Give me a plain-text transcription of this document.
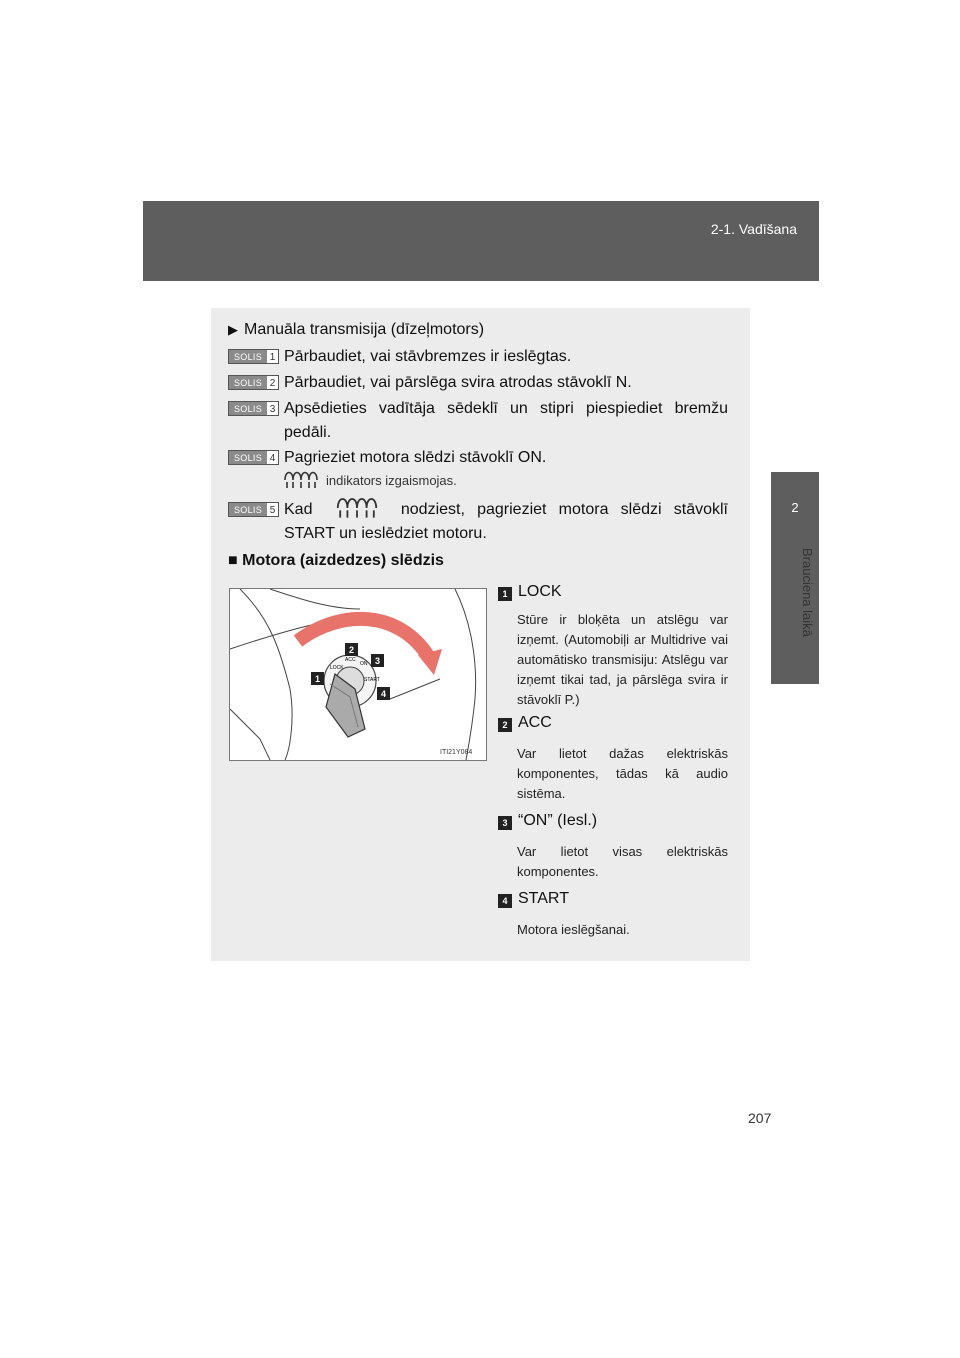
2-1. Vadīšana
2
Brauciena laikā
▶ Manuāla transmisija (dīzeļmotors)
SOLIS 1 Pārbaudiet, vai stāvbremzes ir ieslēgtas.
SOLIS 2 Pārbaudiet, vai pārslēga svira atrodas stāvoklī N.
SOLIS 3 Apsēdieties vadītāja sēdeklī un stipri piespiediet bremžu pedāli.
SOLIS 4 Pagrieziet motora slēdzi stāvoklī ON.
indikators izgaismojas.
SOLIS 5 Kad	nodziest, pagrieziet motora slēdzi stāvoklī START un ieslēdziet motoru.
■ Motora (aizdedzes) slēdzis
LOCK
ACC
ON
START
1
2
3
4
ITI21Y084
1 LOCK
Stūre ir bloķēta un atslēgu var izņemt. (Automobiļi ar Multidrive vai automātisko transmisiju: Atslēgu var izņemt tikai tad, ja pārslēga svira ir stāvoklī P.)
2 ACC
Var lietot dažas elektriskās komponentes, tādas kā audio sistēma.
3 “ON” (Iesl.)
Var lietot visas elektriskās komponentes.
4 START
Motora ieslēgšanai.
207
